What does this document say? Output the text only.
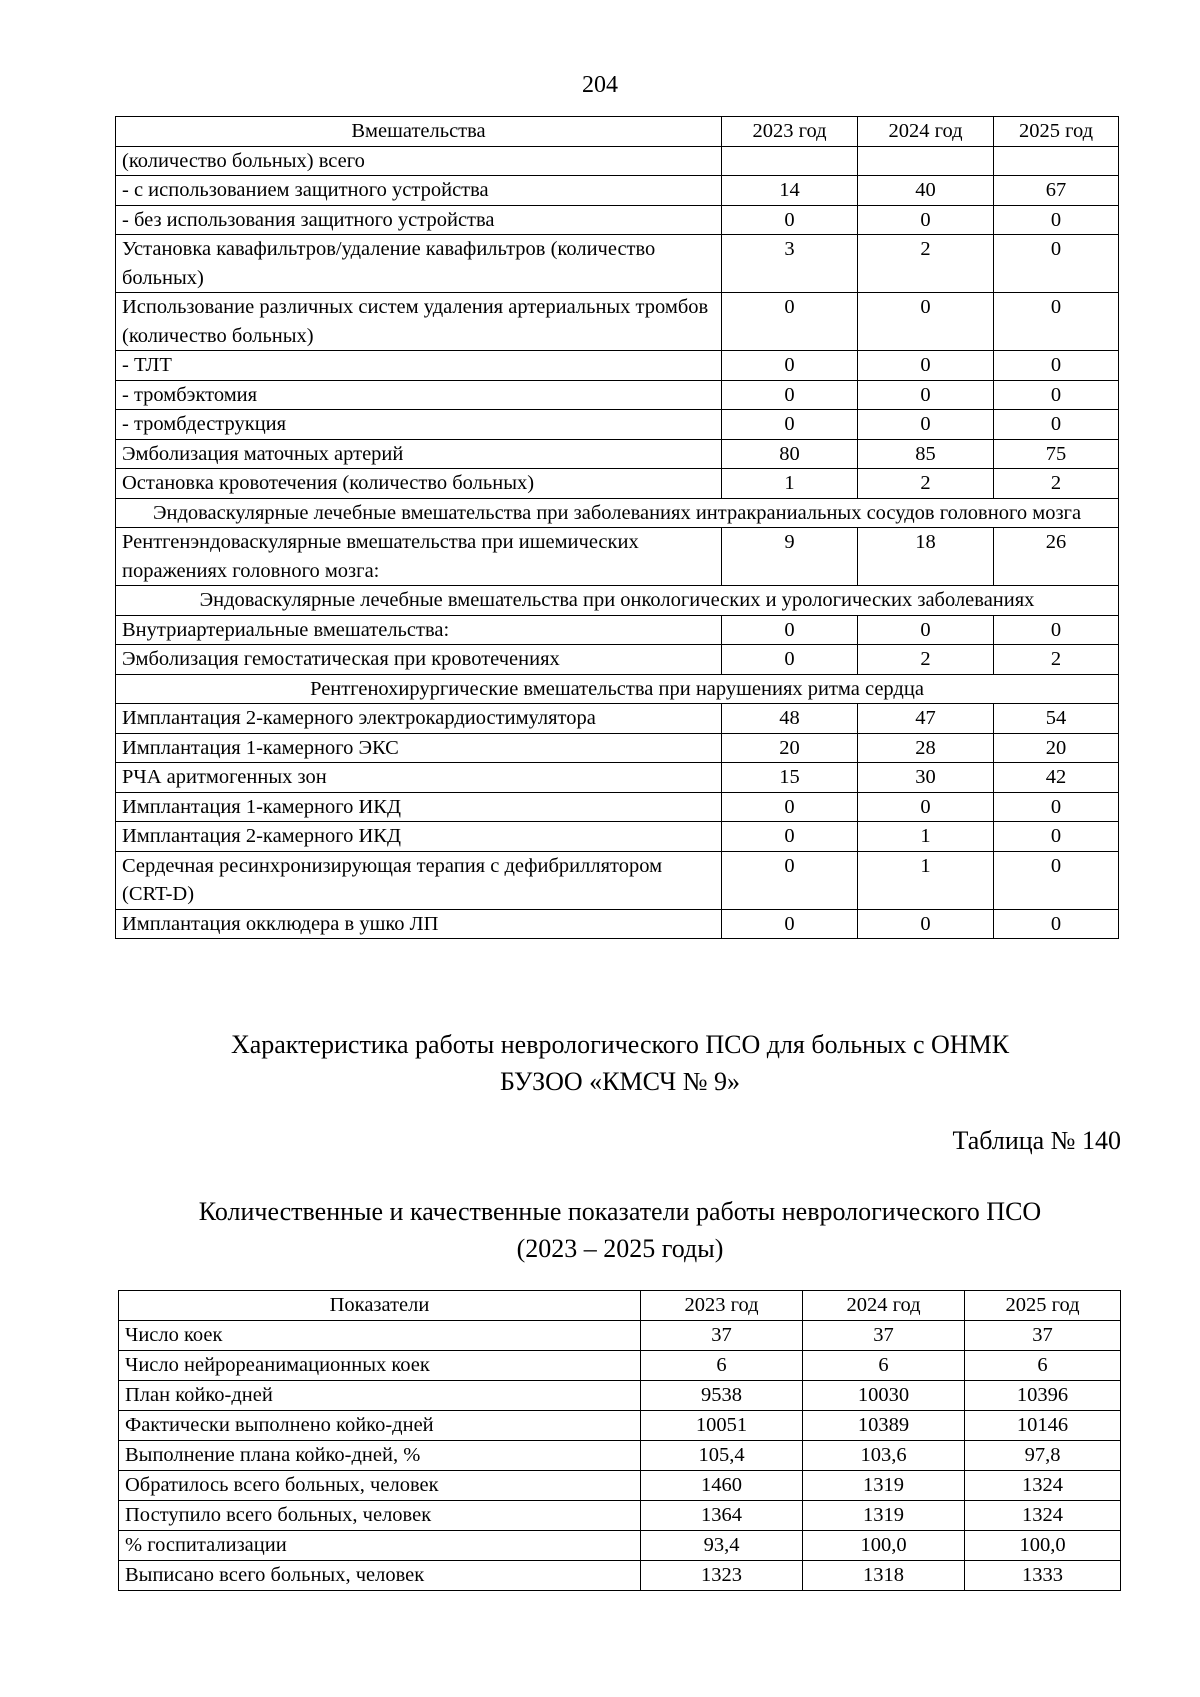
204
Вмешательства	2023 год	2024 год	2025 год
(количество больных) всего			
- с использованием защитного устройства	14	40	67
- без использования защитного устройства	0	0	0
Установка кавафильтров/удаление кавафильтров (количество больных)	3	2	0
Использование различных систем удаления артериальных тромбов (количество больных)	0	0	0
- ТЛТ	0	0	0
- тромбэктомия	0	0	0
- тромбдеструкция	0	0	0
Эмболизация маточных артерий	80	85	75
Остановка кровотечения (количество больных)	1	2	2
Эндоваскулярные лечебные вмешательства при заболеваниях интракраниальных сосудов головного мозга			
Рентгенэндоваскулярные вмешательства при ишемических поражениях головного мозга:	9	18	26
Эндоваскулярные лечебные вмешательства при онкологических и урологических заболеваниях			
Внутриартериальные вмешательства:	0	0	0
Эмболизация гемостатическая при кровотечениях	0	2	2
Рентгенохирургические вмешательства при нарушениях ритма сердца			
Имплантация 2-камерного электрокардиостимулятора	48	47	54
Имплантация 1-камерного ЭКС	20	28	20
РЧА аритмогенных зон	15	30	42
Имплантация 1-камерного ИКД	0	0	0
Имплантация 2-камерного ИКД	0	1	0
Сердечная ресинхронизирующая терапия с дефибриллятором (CRT-D)	0	1	0
Имплантация окклюдера в ушко ЛП	0	0	0
Характеристика работы неврологического ПСО для больных с ОНМК
БУЗОО «КМСЧ № 9»
Таблица № 140
Количественные и качественные показатели работы неврологического ПСО
(2023 – 2025 годы)
Показатели	2023 год	2024 год	2025 год
Число коек	37	37	37
Число нейрореанимационных коек	6	6	6
План койко-дней	9538	10030	10396
Фактически выполнено койко-дней	10051	10389	10146
Выполнение плана койко-дней, %	105,4	103,6	97,8
Обратилось всего больных, человек	1460	1319	1324
Поступило всего больных, человек	1364	1319	1324
% госпитализации	93,4	100,0	100,0
Выписано всего больных, человек	1323	1318	1333
